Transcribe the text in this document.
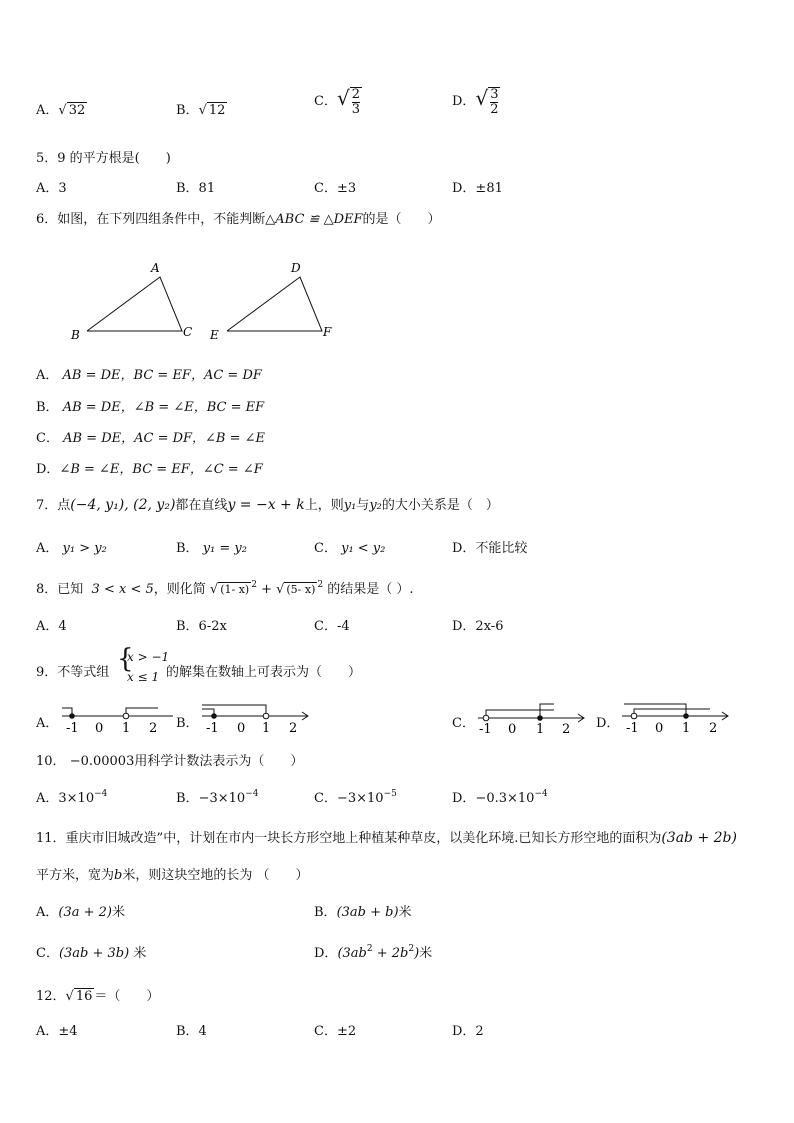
A．√ 32	B．√ 12
C．√ $\frac{2}{3}$	D．√ $\frac{3}{2}$
5．9 的平方根是(　　)
A．3	B．81	C．±3	D．±81
6．如图，在下列四组条件中，不能判断△ABC ≌ △DEF的是（　　）
A
B	C
D
E	F
A． AB = DE，BC = EF，AC = DF
B． AB = DE，∠B = ∠E，BC = EF
C． AB = DE，AC = DF，∠B = ∠E
D．∠B = ∠E，BC = EF，∠C = ∠F
7．点(−4, y₁), (2, y₂)都在直线y = −x + k上，则y₁与y₂的大小关系是（　）
A． y₁ > y₂	B． y₁ = y₂	C． y₁ < y₂	D．不能比较
8．已知 3 < x < 5，则化简 √ (1- x) $^2$ + √ (5- x) $^2$ 的结果是（ ）.
A．4	B．6-2x	C．-4	D．2x-6
9．不等式组 {
x > −1
x ≤ 1 的解集在数轴上可表示为（　　）
A． -1 0 1 2 B． -1 0 1 2	C． -1 0 1 2 D． -1 0 1 2
10． −0.00003用科学计数法表示为（　　）
A．$3\times 10^{-4}$	B．$-3\times 10^{-4}$	C．$-3\times 10^{-5}$	D．$-0.3\times 10^{-4}$
11．重庆市旧城改造”中，计划在市内一块长方形空地上种植某种草皮，以美化环境.已知长方形空地的面积为(3ab + 2b)
平方米，宽为b米，则这块空地的长为 （　　）
A．(3a + 2)米	B．(3ab + b)米
C．(3ab + 3b) 米	D．$(3ab^2 + 2b^2)$米
12．√ 16 ＝（　　）
A．±4	B．4	C．±2	D．2
